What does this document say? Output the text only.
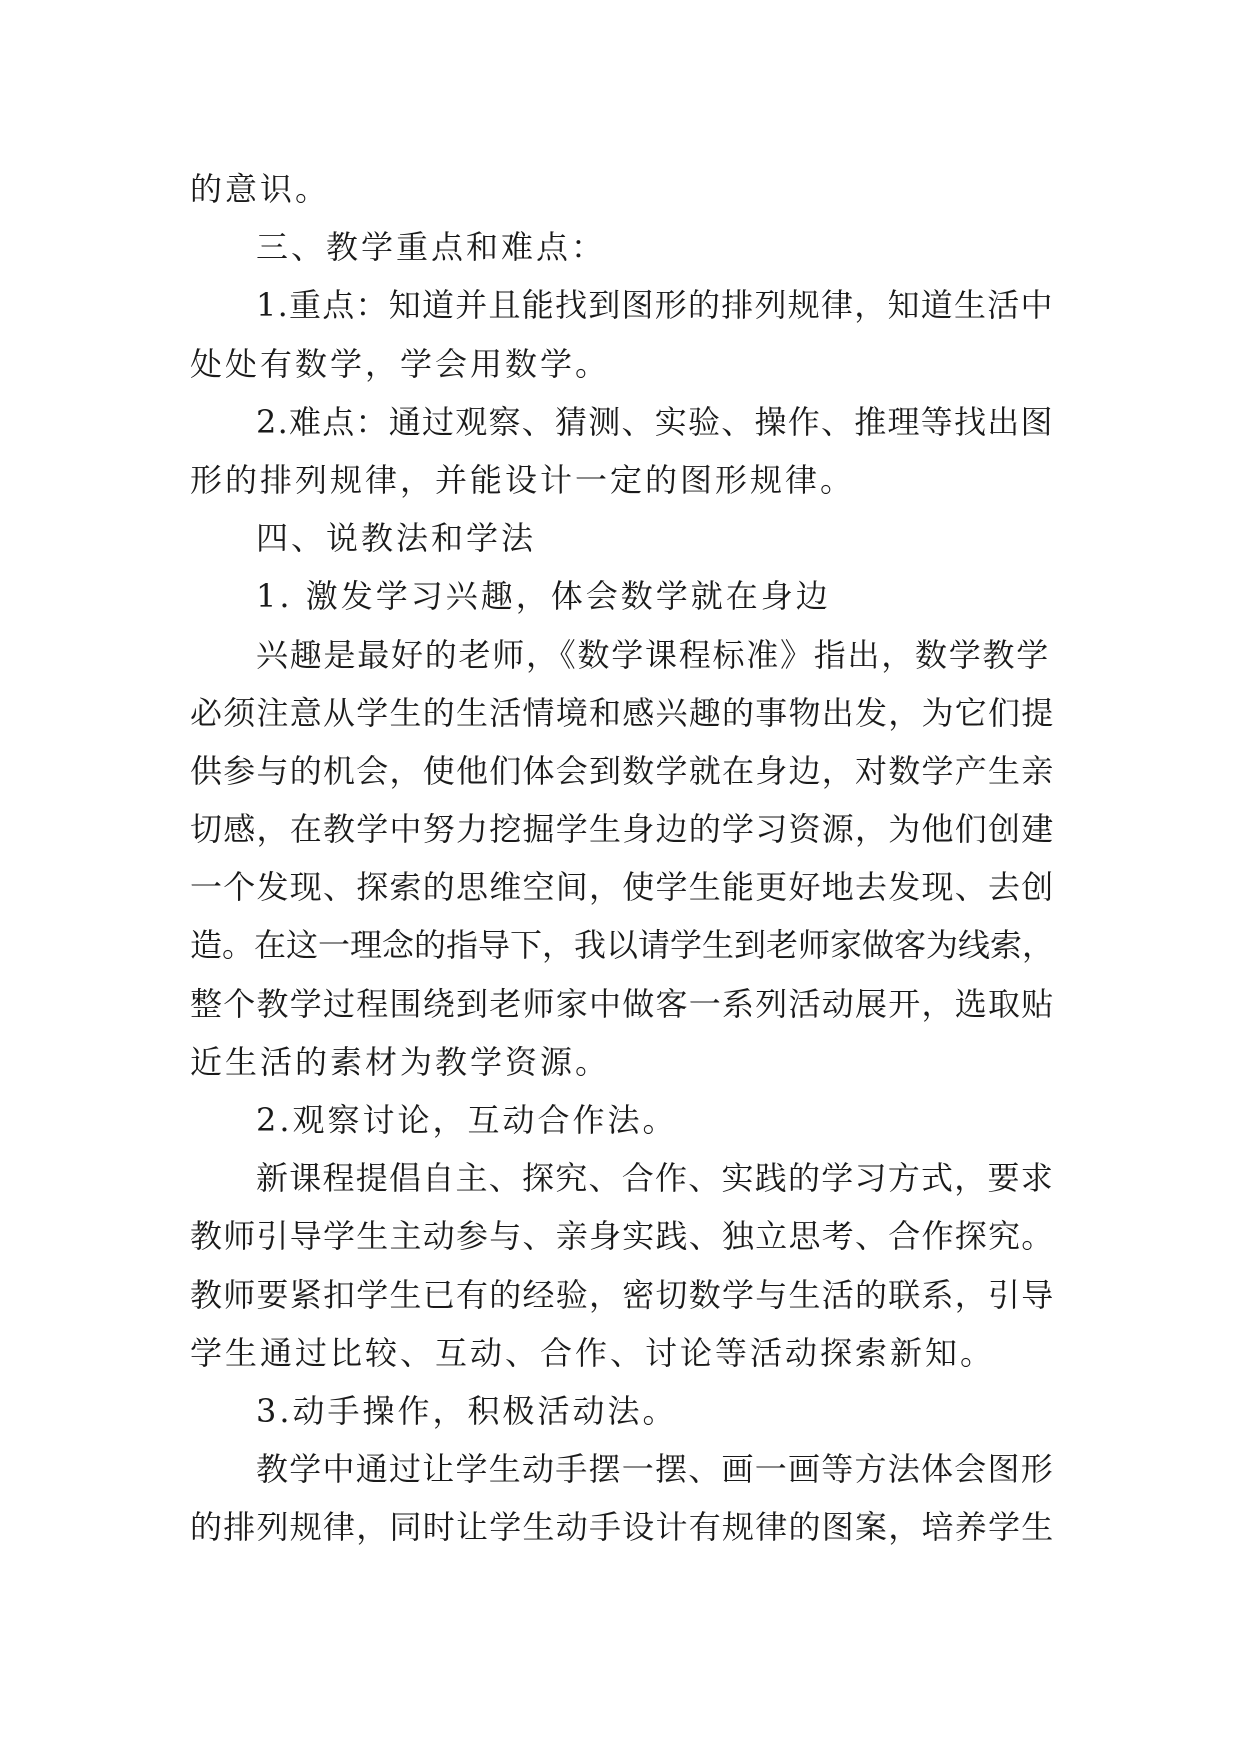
的意识。
三、教学重点和难点：
1.重点：知道并且能找到图形的排列规律，知道生活中
处处有数学，学会用数学。
2.难点：通过观察、猜测、实验、操作、推理等找出图
形的排列规律，并能设计一定的图形规律。
四、说教法和学法
1. 激发学习兴趣，体会数学就在身边
兴趣是最好的老师，《数学课程标准》指出，数学教学
必须注意从学生的生活情境和感兴趣的事物出发，为它们提
供参与的机会，使他们体会到数学就在身边，对数学产生亲
切感，在教学中努力挖掘学生身边的学习资源，为他们创建
一个发现、探索的思维空间，使学生能更好地去发现、去创
造。在这一理念的指导下，我以请学生到老师家做客为线索，
整个教学过程围绕到老师家中做客一系列活动展开，选取贴
近生活的素材为教学资源。
2.观察讨论，互动合作法。
新课程提倡自主、探究、合作、实践的学习方式，要求
教师引导学生主动参与、亲身实践、独立思考、合作探究。
教师要紧扣学生已有的经验，密切数学与生活的联系，引导
学生通过比较、互动、合作、讨论等活动探索新知。
3.动手操作，积极活动法。
教学中通过让学生动手摆一摆、画一画等方法体会图形
的排列规律，同时让学生动手设计有规律的图案，培养学生
